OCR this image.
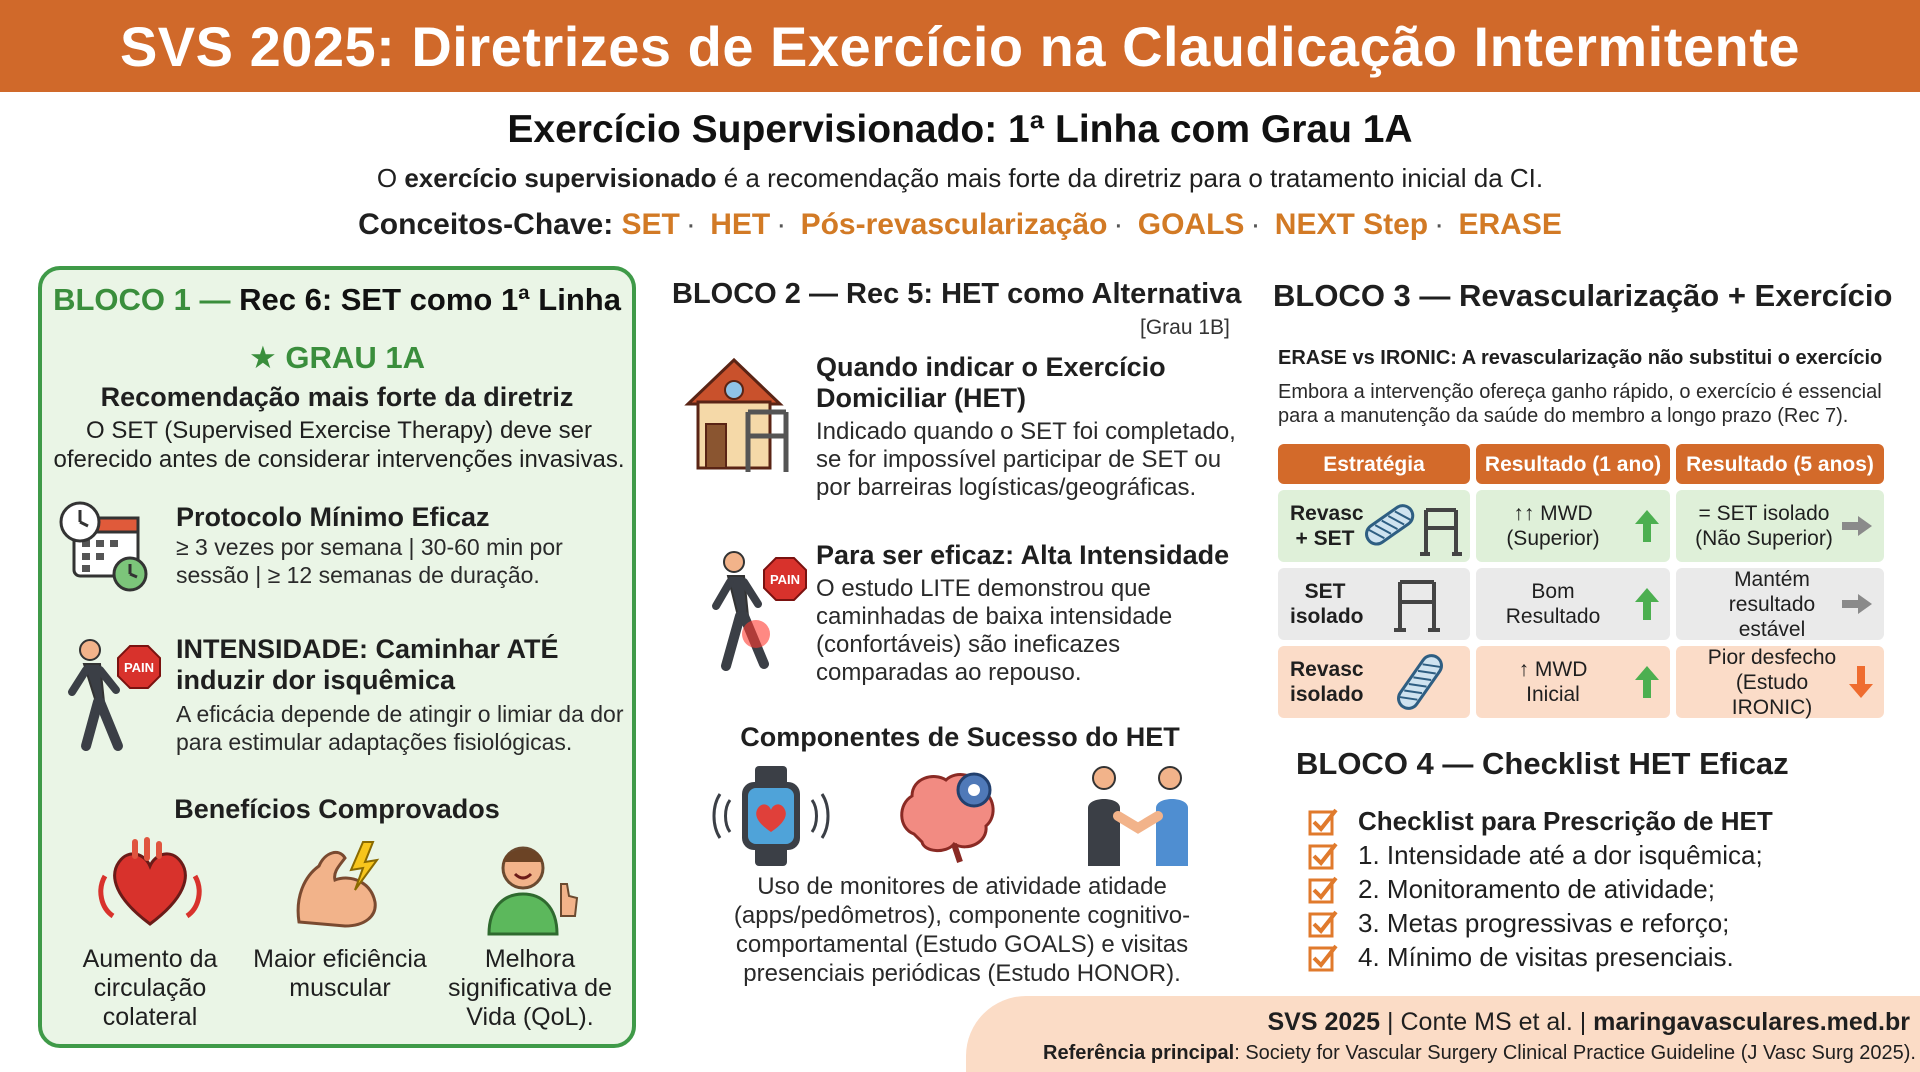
SVS 2025: Diretrizes de Exercício na Claudicação Intermitente
Exercício Supervisionado: 1ª Linha com Grau 1A
O exercício supervisionado é a recomendação mais forte da diretriz para o tratamento inicial da CI.
Conceitos-Chave: SET · HET · Pós-revascularização · GOALS · NEXT Step · ERASE
BLOCO 1 — Rec 6: SET como 1ª Linha
★ GRAU 1A
Recomendação mais forte da diretriz
O SET (Supervised Exercise Therapy) deve ser oferecido antes de considerar intervenções invasivas.
Protocolo Mínimo Eficaz
≥ 3 vezes por semana | 30-60 min por sessão | ≥ 12 semanas de duração.
PAIN
INTENSIDADE: Caminhar ATÉ induzir dor isquêmica
A eficácia depende de atingir o limiar da dor para estimular adaptações fisiológicas.
Benefícios Comprovados
Aumento da circulação colateral
Maior eficiência muscular
Melhora significativa de Vida (QoL).
BLOCO 2 — Rec 5: HET como Alternativa
[Grau 1B]
Quando indicar o Exercício Domiciliar (HET)
Indicado quando o SET foi completado, se for impossível participar de SET ou por barreiras logísticas/geográficas.
PAIN
Para ser eficaz: Alta Intensidade
O estudo LITE demonstrou que caminhadas de baixa intensidade (confortáveis) são ineficazes comparadas ao repouso.
Componentes de Sucesso do HET
Uso de monitores de atividade atidade (apps/pedômetros), componente cognitivo-comportamental (Estudo GOALS) e visitas presenciais periódicas (Estudo HONOR).
BLOCO 3 — Revascularização + Exercício
ERASE vs IRONIC: A revascularização não substitui o exercício
Embora a intervenção ofereça ganho rápido, o exercício é essencial para a manutenção da saúde do membro a longo prazo (Rec 7).
Estratégia	Resultado (1 ano)	Resultado (5 anos)
Revasc + SET
↑↑ MWD (Superior)
= SET isolado (Não Superior)
SET isolado
Bom Resultado
Mantém resultado estável
Revasc isolado
↑ MWD Inicial
Pior desfecho (Estudo IRONIC)
BLOCO 4 — Checklist HET Eficaz
Checklist para Prescrição de HET
1. Intensidade até a dor isquêmica;
2. Monitoramento de atividade;
3. Metas progressivas e reforço;
4. Mínimo de visitas presenciais.
SVS 2025 | Conte MS et al. | maringavasculares.med.br
Referência principal: Society for Vascular Surgery Clinical Practice Guideline (J Vasc Surg 2025).
